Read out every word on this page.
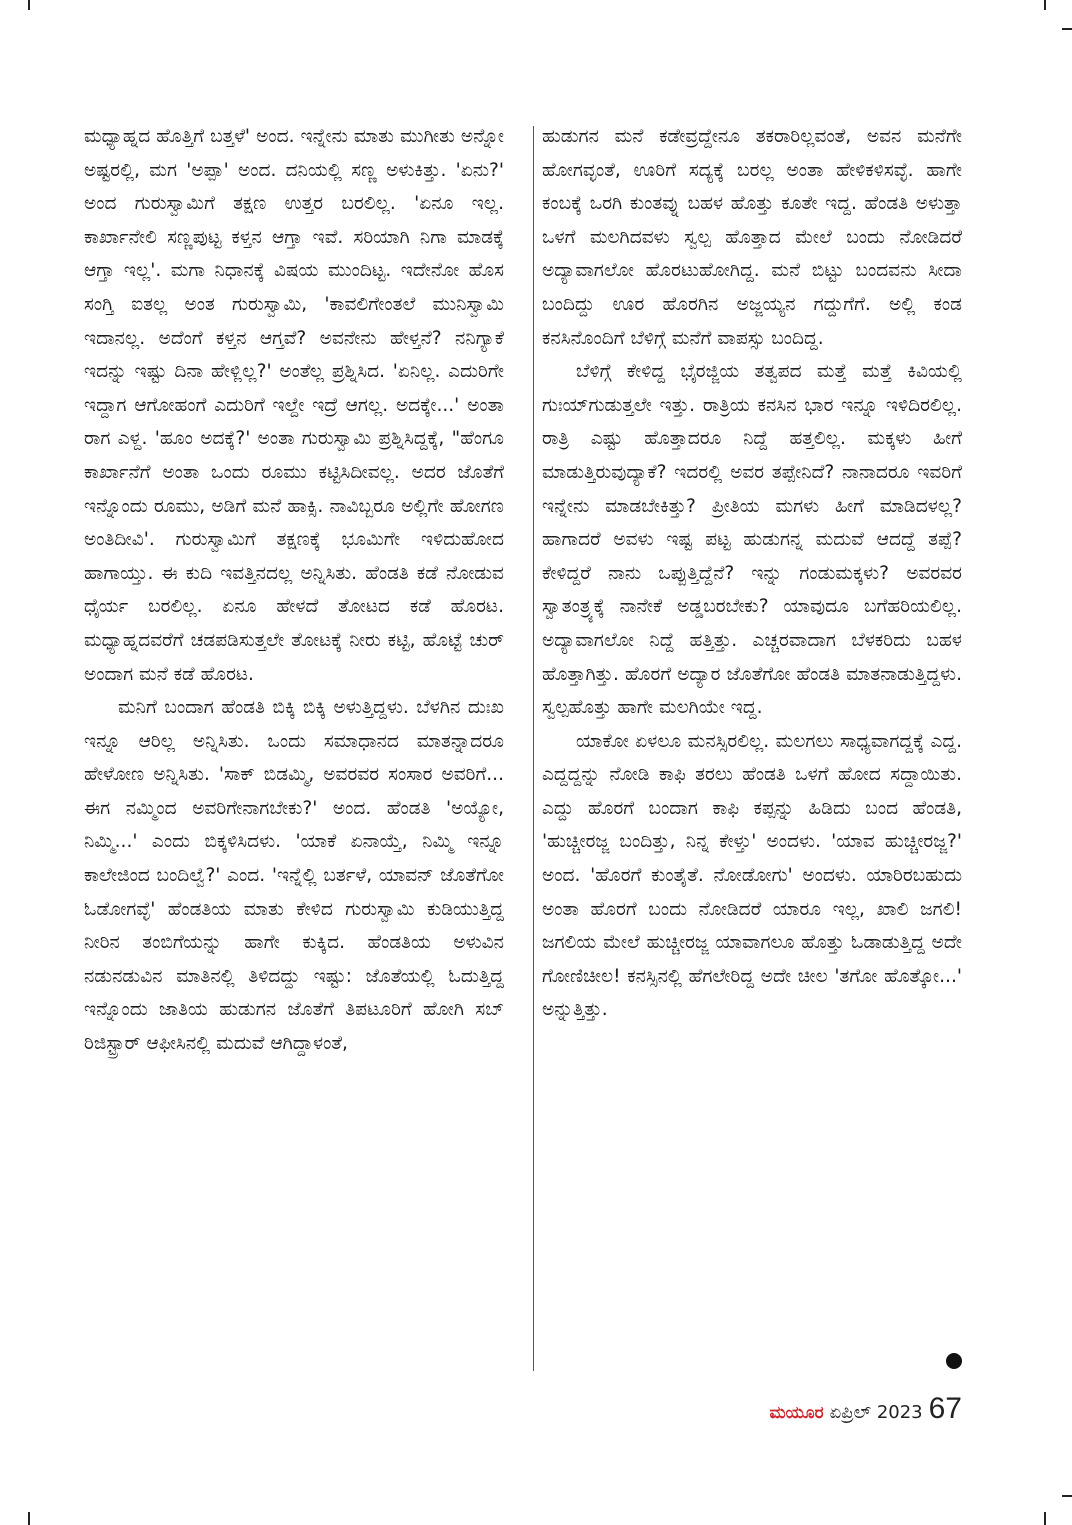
ಮಧ್ಯಾಹ್ನದ ಹೊತ್ತಿಗೆ ಬತ್ತಳೆ' ಅಂದ. ಇನ್ನೇನು ಮಾತು ಮುಗೀತು ಅನ್ನೋ ಅಷ್ಟರಲ್ಲಿ, ಮಗ 'ಅಪ್ಪಾ' ಅಂದ. ದನಿಯಲ್ಲಿ ಸಣ್ಣ ಅಳುಕಿತ್ತು. 'ಏನು?' ಅಂದ ಗುರುಸ್ವಾಮಿಗೆ ತಕ್ಷಣ ಉತ್ತರ ಬರಲಿಲ್ಲ. 'ಏನೂ ಇಲ್ಲ. ಕಾರ್ಖಾನೇಲಿ ಸಣ್ಣಪುಟ್ಟ ಕಳ್ತನ ಆಗ್ತಾ ಇವೆ. ಸರಿಯಾಗಿ ನಿಗಾ ಮಾಡಕ್ಕೆ ಆಗ್ತಾ ಇಲ್ಲ'. ಮಗಾ ನಿಧಾನಕ್ಕೆ ವಿಷಯ ಮುಂದಿಟ್ಟ. ಇದೇನೋ ಹೊಸ ಸಂಗ್ತಿ ಐತಲ್ಲ ಅಂತ ಗುರುಸ್ವಾಮಿ, 'ಕಾವಲಿಗೇಂತಲೆ ಮುನಿಸ್ವಾಮಿ ಇದಾನಲ್ಲ. ಅದೆಂಗೆ ಕಳ್ತನ ಆಗ್ತವೆ? ಅವನೇನು ಹೇಳ್ತನೆ? ನನಿಗ್ಯಾಕೆ ಇದನ್ನು ಇಷ್ಟು ದಿನಾ ಹೇಳ್ಲಿಲ್ಲ?' ಅಂತೆಲ್ಲ ಪ್ರಶ್ನಿಸಿದ. 'ಏನಿಲ್ಲ. ಎದುರಿಗೇ ಇದ್ದಾಗ ಆಗೋಹಂಗೆ ಎದುರಿಗೆ ಇಲ್ದೇ ಇದ್ರೆ ಆಗಲ್ಲ. ಅದಕ್ಕೇ...' ಅಂತಾ ರಾಗ ಎಳ್ದ. 'ಹೂಂ ಅದಕ್ಕೆ?' ಅಂತಾ ಗುರುಸ್ವಾಮಿ ಪ್ರಶ್ನಿಸಿದ್ದಕ್ಕೆ, "ಹೆಂಗೂ ಕಾರ್ಖಾನೆಗೆ ಅಂತಾ ಒಂದು ರೂಮು ಕಟ್ಟಿಸಿದೀವಲ್ಲ. ಅದರ ಜೊತೆಗೆ ಇನ್ನೊಂದು ರೂಮು, ಅಡಿಗೆ ಮನೆ ಹಾಕ್ಸಿ. ನಾವಿಬ್ಬರೂ ಅಲ್ಲಿಗೇ ಹೋಗಣ ಅಂತಿದೀವಿ'. ಗುರುಸ್ವಾಮಿಗೆ ತಕ್ಷಣಕ್ಕೆ ಭೂಮಿಗೇ ಇಳಿದುಹೋದ ಹಾಗಾಯ್ತು. ಈ ಕುದಿ ಇವತ್ತಿನದಲ್ಲ ಅನ್ನಿಸಿತು. ಹೆಂಡತಿ ಕಡೆ ನೋಡುವ ಧೈರ್ಯ ಬರಲಿಲ್ಲ. ಏನೂ ಹೇಳದೆ ತೋಟದ ಕಡೆ ಹೊರಟ. ಮಧ್ಯಾಹ್ನದವರೆಗೆ ಚಡಪಡಿಸುತ್ತಲೇ ತೋಟಕ್ಕೆ ನೀರು ಕಟ್ಟಿ, ಹೊಟ್ಟೆ ಚುರ್ ಅಂದಾಗ ಮನೆ ಕಡೆ ಹೊರಟ.

ಮನಿಗೆ ಬಂದಾಗ ಹೆಂಡತಿ ಬಿಕ್ಕಿ ಬಿಕ್ಕಿ ಅಳುತ್ತಿದ್ದಳು. ಬೆಳಗಿನ ದುಃಖ ಇನ್ನೂ ಆರಿಲ್ಲ ಅನ್ನಿಸಿತು. ಒಂದು ಸಮಾಧಾನದ ಮಾತನ್ನಾದರೂ ಹೇಳೋಣ ಅನ್ನಿಸಿತು. 'ಸಾಕ್ ಬಿಡಮ್ಮಿ, ಅವರವರ ಸಂಸಾರ ಅವರಿಗೆ... ಈಗ ನಮ್ಮಿಂದ ಅವರಿಗೇನಾಗಬೇಕು?' ಅಂದ. ಹೆಂಡತಿ 'ಅಯ್ಯೋ, ನಿಮ್ಮಿ...' ಎಂದು ಬಿಕ್ಕಳಿಸಿದಳು. 'ಯಾಕೆ ಏನಾಯ್ತೆ, ನಿಮ್ಮಿ ಇನ್ನೂ ಕಾಲೇಜಿಂದ ಬಂದಿಲ್ವೆ?' ಎಂದ. 'ಇನ್ನೆಲ್ಲಿ ಬರ್ತಳೆ, ಯಾವನ್ ಜೊತೆಗೋ ಓಡೋಗವ್ಳೆ' ಹೆಂಡತಿಯ ಮಾತು ಕೇಳಿದ ಗುರುಸ್ವಾಮಿ ಕುಡಿಯುತ್ತಿದ್ದ ನೀರಿನ ತಂಬಿಗೆಯನ್ನು ಹಾಗೇ ಕುಕ್ಕಿದ. ಹೆಂಡತಿಯ ಅಳುವಿನ ನಡುನಡುವಿನ ಮಾತಿನಲ್ಲಿ ತಿಳಿದದ್ದು ಇಷ್ಟು: ಜೊತೆಯಲ್ಲಿ ಓದುತ್ತಿದ್ದ ಇನ್ನೊಂದು ಜಾತಿಯ ಹುಡುಗನ ಜೊತೆಗೆ ತಿಪಟೂರಿಗೆ ಹೋಗಿ ಸಬ್ ರಿಜಿಸ್ಟ್ರಾರ್ ಆಫೀಸಿನಲ್ಲಿ ಮದುವೆ ಆಗಿದ್ದಾಳಂತೆ,

ಹುಡುಗನ ಮನೆ ಕಡೇವ್ರದ್ದೇನೂ ತಕರಾರಿಲ್ಲವಂತೆ, ಅವನ ಮನೆಗೇ ಹೋಗವ್ಳಂತೆ, ಊರಿಗೆ ಸದ್ಯಕ್ಕೆ ಬರಲ್ಲ ಅಂತಾ ಹೇಳಿಕಳಿಸವ್ಳೆ. ಹಾಗೇ ಕಂಬಕ್ಕೆ ಒರಗಿ ಕುಂತವ್ನು ಬಹಳ ಹೊತ್ತು ಕೂತೇ ಇದ್ದ. ಹೆಂಡತಿ ಅಳುತ್ತಾ ಒಳಗೆ ಮಲಗಿದವಳು ಸ್ವಲ್ಪ ಹೊತ್ತಾದ ಮೇಲೆ ಬಂದು ನೋಡಿದರೆ ಅದ್ಯಾವಾಗಲೋ ಹೊರಟುಹೋಗಿದ್ದ. ಮನೆ ಬಿಟ್ಟು ಬಂದವನು ಸೀದಾ ಬಂದಿದ್ದು ಊರ ಹೊರಗಿನ ಅಜ್ಜಯ್ಯನ ಗದ್ದುಗೆಗೆ. ಅಲ್ಲಿ ಕಂಡ ಕನಸಿನೊಂದಿಗೆ ಬೆಳಿಗ್ಗೆ ಮನೆಗೆ ವಾಪಸ್ಸು ಬಂದಿದ್ದ.

ಬೆಳಿಗ್ಗೆ ಕೇಳಿದ್ದ ಭೈರಜ್ಜಿಯ ತತ್ವಪದ ಮತ್ತೆ ಮತ್ತೆ ಕಿವಿಯಲ್ಲಿ ಗುಃಯ್‌ಗುಡುತ್ತಲೇ ಇತ್ತು. ರಾತ್ರಿಯ ಕನಸಿನ ಭಾರ ಇನ್ನೂ ಇಳಿದಿರಲಿಲ್ಲ. ರಾತ್ರಿ ಎಷ್ಟು ಹೊತ್ತಾದರೂ ನಿದ್ದೆ ಹತ್ತಲಿಲ್ಲ. ಮಕ್ಕಳು ಹೀಗೆ ಮಾಡುತ್ತಿರುವುದ್ಯಾಕೆ? ಇದರಲ್ಲಿ ಅವರ ತಪ್ಪೇನಿದೆ? ನಾನಾದರೂ ಇವರಿಗೆ ಇನ್ನೇನು ಮಾಡಬೇಕಿತ್ತು? ಪ್ರೀತಿಯ ಮಗಳು ಹೀಗೆ ಮಾಡಿದಳಲ್ಲ? ಹಾಗಾದರೆ ಅವಳು ಇಷ್ಟ ಪಟ್ಟ ಹುಡುಗನ್ನ ಮದುವೆ ಆದದ್ದೆ ತಪ್ಪೆ? ಕೇಳಿದ್ದರೆ ನಾನು ಒಪ್ಪುತ್ತಿದ್ದೆನೆ? ಇನ್ನು ಗಂಡುಮಕ್ಕಳು? ಅವರವರ ಸ್ವಾತಂತ್ರ್ಯಕ್ಕೆ ನಾನೇಕೆ ಅಡ್ಡಬರಬೇಕು? ಯಾವುದೂ ಬಗೆಹರಿಯಲಿಲ್ಲ. ಅದ್ಯಾವಾಗಲೋ ನಿದ್ದೆ ಹತ್ತಿತ್ತು. ಎಚ್ಚರವಾದಾಗ ಬೆಳಕರಿದು ಬಹಳ ಹೊತ್ತಾಗಿತ್ತು. ಹೊರಗೆ ಅದ್ಯಾರ ಜೊತೆಗೋ ಹೆಂಡತಿ ಮಾತನಾಡುತ್ತಿದ್ದಳು. ಸ್ವಲ್ಪಹೊತ್ತು ಹಾಗೇ ಮಲಗಿಯೇ ಇದ್ದ.

ಯಾಕೋ ಏಳಲೂ ಮನಸ್ಸಿರಲಿಲ್ಲ. ಮಲಗಲು ಸಾಧ್ಯವಾಗದ್ದಕ್ಕೆ ಎದ್ದ. ಎದ್ದದ್ದನ್ನು ನೋಡಿ ಕಾಫಿ ತರಲು ಹೆಂಡತಿ ಒಳಗೆ ಹೋದ ಸದ್ದಾಯಿತು. ಎದ್ದು ಹೊರಗೆ ಬಂದಾಗ ಕಾಫಿ ಕಪ್ಪನ್ನು ಹಿಡಿದು ಬಂದ ಹೆಂಡತಿ, 'ಹುಚ್ಚೀರಜ್ಜ ಬಂದಿತ್ತು, ನಿನ್ನ ಕೇಳ್ತು' ಅಂದಳು. 'ಯಾವ ಹುಚ್ಚೀರಜ್ಜ?' ಅಂದ. 'ಹೊರಗೆ ಕುಂತೈತೆ. ನೋಡೋಗು' ಅಂದಳು. ಯಾರಿರಬಹುದು ಅಂತಾ ಹೊರಗೆ ಬಂದು ನೋಡಿದರೆ ಯಾರೂ ಇಲ್ಲ, ಖಾಲಿ ಜಗಲಿ! ಜಗಲಿಯ ಮೇಲೆ ಹುಚ್ಚೀರಜ್ಜ ಯಾವಾಗಲೂ ಹೊತ್ತು ಓಡಾಡುತ್ತಿದ್ದ ಅದೇ ಗೋಣಿಚೀಲ! ಕನಸ್ಸಿನಲ್ಲಿ ಹೆಗಲೇರಿದ್ದ ಅದೇ ಚೀಲ 'ತಗೋ ಹೊತ್ಕೋ...' ಅನ್ನುತ್ತಿತ್ತು.

ಮಯೂರ ಏಪ್ರಿಲ್ 2023 67
